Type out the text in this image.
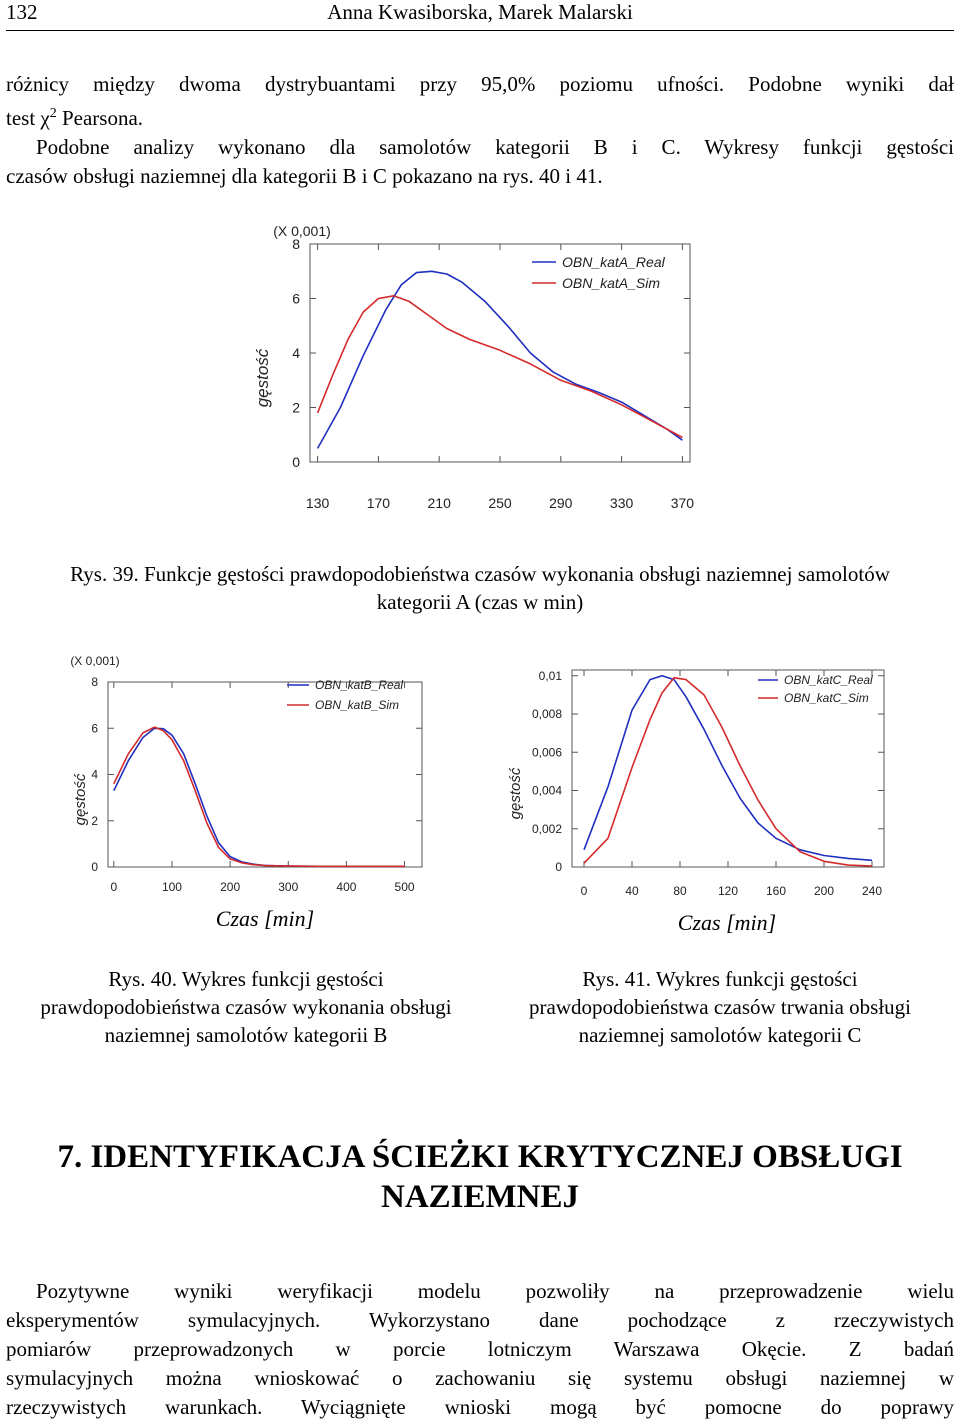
132	Anna Kwasiborska, Marek Malarski
różnicy między dwoma dystrybuantami przy 95,0% poziomu ufności. Podobne wyniki dał
test $\chi^2$ Pearsona.
Podobne analizy wykonano dla samolotów kategorii B i C. Wykresy funkcji gęstości
czasów obsługi naziemnej dla kategorii B i C pokazano na rys. 40 i 41.
0
2
4
6
8
130	170	210	250	290	330	370
gęstość
(X 0,001)
OBN_katA_Real
OBN_katA_Sim
Rys. 39. Funkcje gęstości prawdopodobieństwa czasów wykonania obsługi naziemnej samolotów
kategorii A (czas w min)
0
2
4
6
8
0	100	200	300	400	500
gęstość
(X 0,001)
OBN_katB_Real
OBN_katB_Sim
Czas [min]
Rys. 40. Wykres funkcji gęstości
prawdopodobieństwa czasów wykonania obsługi
naziemnej samolotów kategorii B
0
0,002
0,004
0,006
0,008
0,01
0	40	80	120 160 200 240
gęstość
OBN_katC_Real
OBN_katC_Sim
Czas [min]
Rys. 41. Wykres funkcji gęstości
prawdopodobieństwa czasów trwania obsługi
naziemnej samolotów kategorii C
7. IDENTYFIKACJA ŚCIEŻKI KRYTYCZNEJ OBSŁUGI
NAZIEMNEJ
Pozytywne wyniki weryfikacji modelu pozwoliły na przeprowadzenie wielu
eksperymentów symulacyjnych. Wykorzystano dane pochodzące z rzeczywistych
pomiarów przeprowadzonych w porcie lotniczym Warszawa Okęcie. Z badań
symulacyjnych można wnioskować o zachowaniu się systemu obsługi naziemnej w
rzeczywistych warunkach. Wyciągnięte wnioski mogą być pomocne do poprawy
